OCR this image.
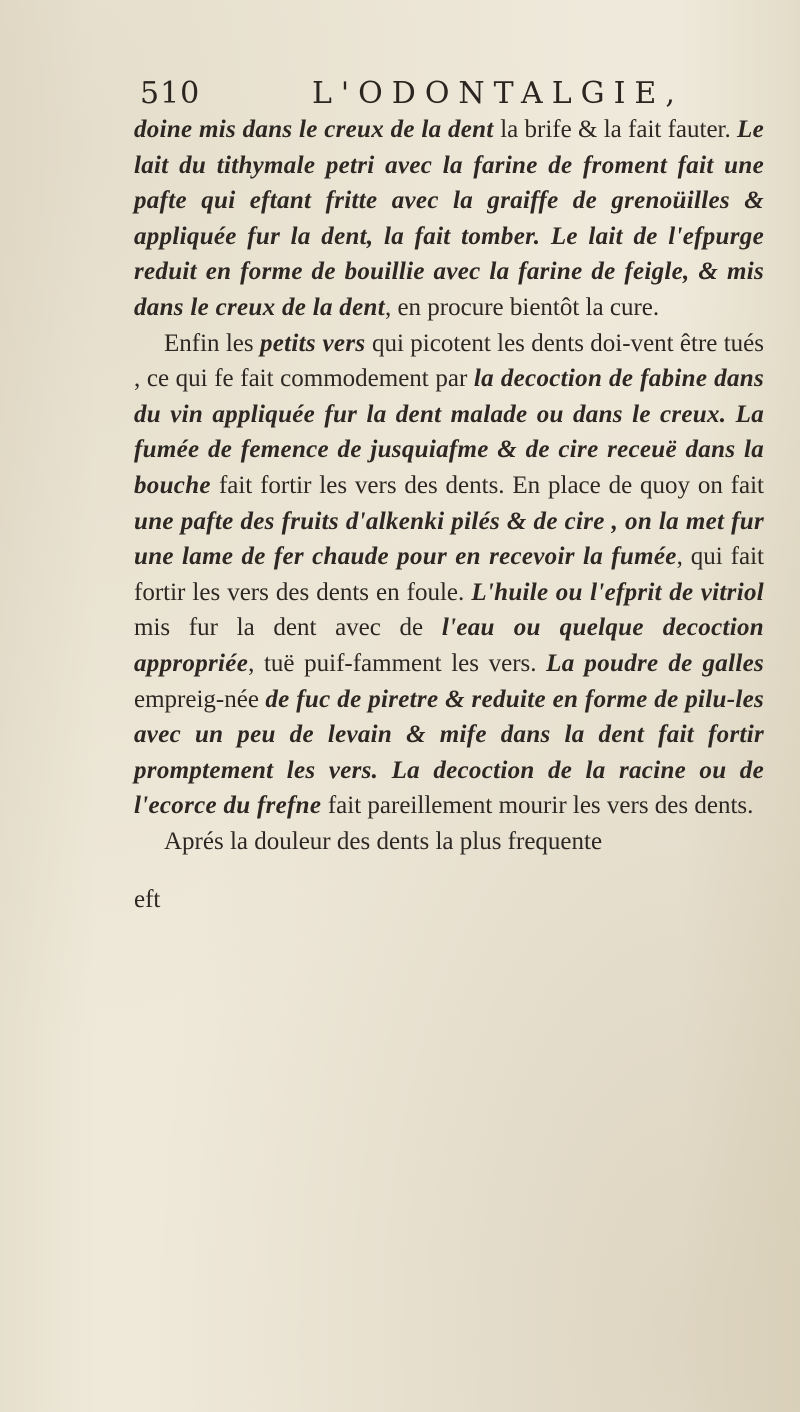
510	L'ODONTALGIE,

doine mis dans le creux de la dent la brife & la fait fauter. Le lait du tithymale petri avec la farine de froment fait une pafte qui eftant fritte avec la graiffe de grenoüilles & appliquée fur la dent, la fait tomber. Le lait de l'efpurge reduit en forme de bouillie avec la farine de feigle, & mis dans le creux de la dent, en procure bientôt la cure.

Enfin les petits vers qui picotent les dents doi-vent être tués , ce qui fe fait commodement par la decoction de fabine dans du vin appliquée fur la dent malade ou dans le creux. La fumée de femence de jusquiafme & de cire receuë dans la bouche fait fortir les vers des dents. En place de quoy on fait une pafte des fruits d'alkenki pilés & de cire , on la met fur une lame de fer chaude pour en recevoir la fumée, qui fait fortir les vers des dents en foule. L'huile ou l'efprit de vitriol mis fur la dent avec de l'eau ou quelque decoction appropriée, tuë puif-famment les vers. La poudre de galles empreig-née de fuc de piretre & reduite en forme de pilu-les avec un peu de levain & mife dans la dent fait fortir promptement les vers. La decoction de la racine ou de l'ecorce du frefne fait pareillement mourir les vers des dents.

Aprés la douleur des dents la plus frequente

eft
